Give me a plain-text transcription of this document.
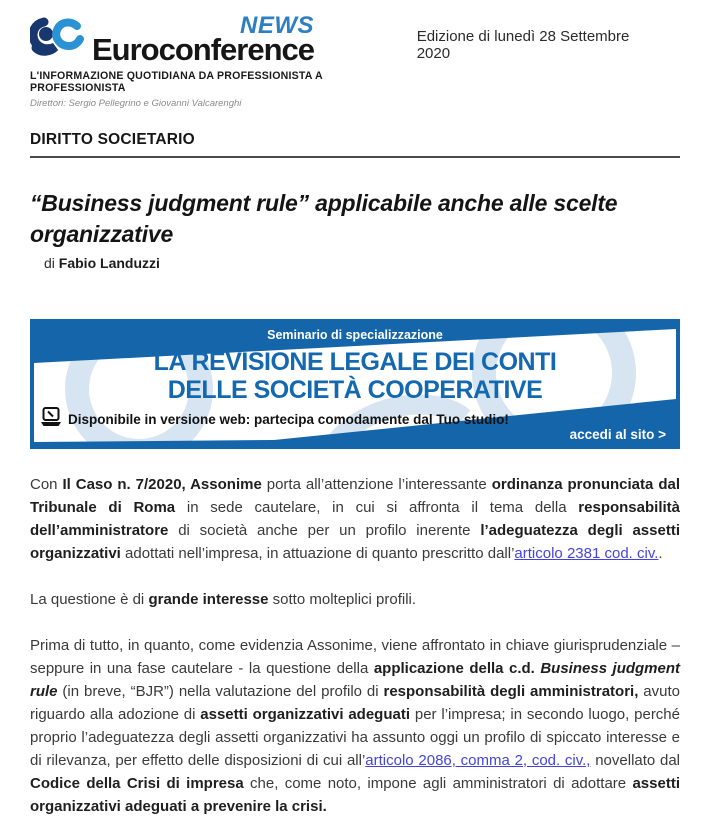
NEWS
Euroconference
L'INFORMAZIONE QUOTIDIANA DA PROFESSIONISTA A PROFESSIONISTA
Direttori: Sergio Pellegrino e Giovanni Valcarenghi
Edizione di lunedì 28 Settembre 2020
DIRITTO SOCIETARIO
“Business judgment rule” applicabile anche alle scelte
organizzative
di Fabio Landuzzi
Seminario di specializzazione
LA REVISIONE LEGALE DEI CONTI
DELLE SOCIETÀ COOPERATIVE
Disponibile in versione web: partecipa comodamente dal Tuo studio!
accedi al sito >

Con Il Caso n. 7/2020, Assonime porta all’attenzione l’interessante ordinanza pronunciata dal Tribunale di Roma in sede cautelare, in cui si affronta il tema della responsabilità dell’amministratore di società anche per un profilo inerente l’adeguatezza degli assetti organizzativi adottati nell’impresa, in attuazione di quanto prescritto dall’articolo 2381 cod. civ..

La questione è di grande interesse sotto molteplici profili.

Prima di tutto, in quanto, come evidenzia Assonime, viene affrontato in chiave giurisprudenziale – seppure in una fase cautelare - la questione della applicazione della c.d. Business judgment rule (in breve, “BJR”) nella valutazione del profilo di responsabilità degli amministratori, avuto riguardo alla adozione di assetti organizzativi adeguati per l’impresa; in secondo luogo, perché proprio l’adeguatezza degli assetti organizzativi ha assunto oggi un profilo di spiccato interesse e di rilevanza, per effetto delle disposizioni di cui all’articolo 2086, comma 2, cod. civ., novellato dal Codice della Crisi di impresa che, come noto, impone agli amministratori di adottare assetti organizzativi adeguati a prevenire la crisi.
